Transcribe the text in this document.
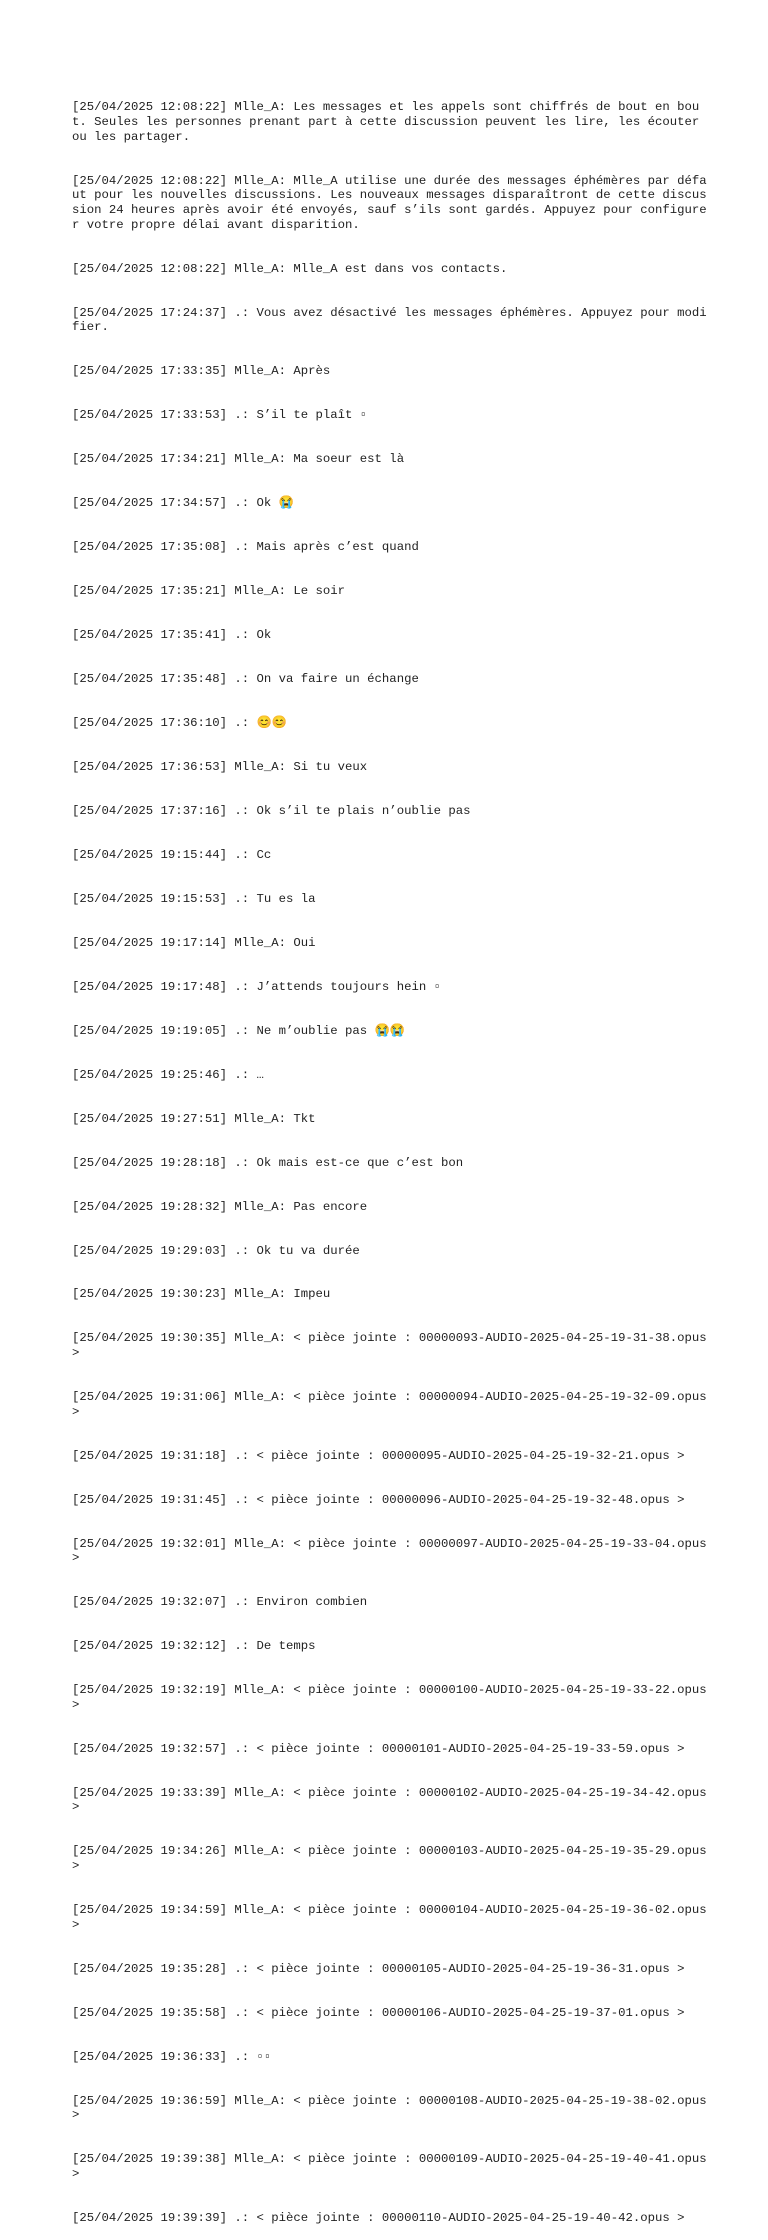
[25/04/2025 12:08:22] Mlle_A: Les messages et les appels sont chiffrés de bout en bout. Seules les personnes prenant part à cette discussion peuvent les lire, les écouter ou les partager.

[25/04/2025 12:08:22] Mlle_A: Mlle_A utilise une durée des messages éphémères par défaut pour les nouvelles discussions. Les nouveaux messages disparaîtront de cette discussion 24 heures après avoir été envoyés, sauf s’ils sont gardés. Appuyez pour configurer votre propre délai avant disparition.

[25/04/2025 12:08:22] Mlle_A: Mlle_A est dans vos contacts.

[25/04/2025 17:24:37] .: Vous avez désactivé les messages éphémères. Appuyez pour modifier.

[25/04/2025 17:33:35] Mlle_A: Après

[25/04/2025 17:33:53] .: S’il te plaît ▫

[25/04/2025 17:34:21] Mlle_A: Ma soeur est là

[25/04/2025 17:34:57] .: Ok 😭

[25/04/2025 17:35:08] .: Mais après c’est quand

[25/04/2025 17:35:21] Mlle_A: Le soir

[25/04/2025 17:35:41] .: Ok

[25/04/2025 17:35:48] .: On va faire un échange

[25/04/2025 17:36:10] .: 😊😊

[25/04/2025 17:36:53] Mlle_A: Si tu veux

[25/04/2025 17:37:16] .: Ok s’il te plais n’oublie pas

[25/04/2025 19:15:44] .: Cc

[25/04/2025 19:15:53] .: Tu es la

[25/04/2025 19:17:14] Mlle_A: Oui

[25/04/2025 19:17:48] .: J’attends toujours hein ▫

[25/04/2025 19:19:05] .: Ne m’oublie pas 😭😭

[25/04/2025 19:25:46] .: …

[25/04/2025 19:27:51] Mlle_A: Tkt

[25/04/2025 19:28:18] .: Ok mais est-ce que c’est bon

[25/04/2025 19:28:32] Mlle_A: Pas encore

[25/04/2025 19:29:03] .: Ok tu va durée

[25/04/2025 19:30:23] Mlle_A: Impeu

[25/04/2025 19:30:35] Mlle_A: < pièce jointe : 00000093-AUDIO-2025-04-25-19-31-38.opus >

[25/04/2025 19:31:06] Mlle_A: < pièce jointe : 00000094-AUDIO-2025-04-25-19-32-09.opus >

[25/04/2025 19:31:18] .: < pièce jointe : 00000095-AUDIO-2025-04-25-19-32-21.opus >

[25/04/2025 19:31:45] .: < pièce jointe : 00000096-AUDIO-2025-04-25-19-32-48.opus >

[25/04/2025 19:32:01] Mlle_A: < pièce jointe : 00000097-AUDIO-2025-04-25-19-33-04.opus >

[25/04/2025 19:32:07] .: Environ combien

[25/04/2025 19:32:12] .: De temps

[25/04/2025 19:32:19] Mlle_A: < pièce jointe : 00000100-AUDIO-2025-04-25-19-33-22.opus >

[25/04/2025 19:32:57] .: < pièce jointe : 00000101-AUDIO-2025-04-25-19-33-59.opus >

[25/04/2025 19:33:39] Mlle_A: < pièce jointe : 00000102-AUDIO-2025-04-25-19-34-42.opus >

[25/04/2025 19:34:26] Mlle_A: < pièce jointe : 00000103-AUDIO-2025-04-25-19-35-29.opus >

[25/04/2025 19:34:59] Mlle_A: < pièce jointe : 00000104-AUDIO-2025-04-25-19-36-02.opus >

[25/04/2025 19:35:28] .: < pièce jointe : 00000105-AUDIO-2025-04-25-19-36-31.opus >

[25/04/2025 19:35:58] .: < pièce jointe : 00000106-AUDIO-2025-04-25-19-37-01.opus >

[25/04/2025 19:36:33] .: ▫▫

[25/04/2025 19:36:59] Mlle_A: < pièce jointe : 00000108-AUDIO-2025-04-25-19-38-02.opus >

[25/04/2025 19:39:38] Mlle_A: < pièce jointe : 00000109-AUDIO-2025-04-25-19-40-41.opus >

[25/04/2025 19:39:39] .: < pièce jointe : 00000110-AUDIO-2025-04-25-19-40-42.opus >
